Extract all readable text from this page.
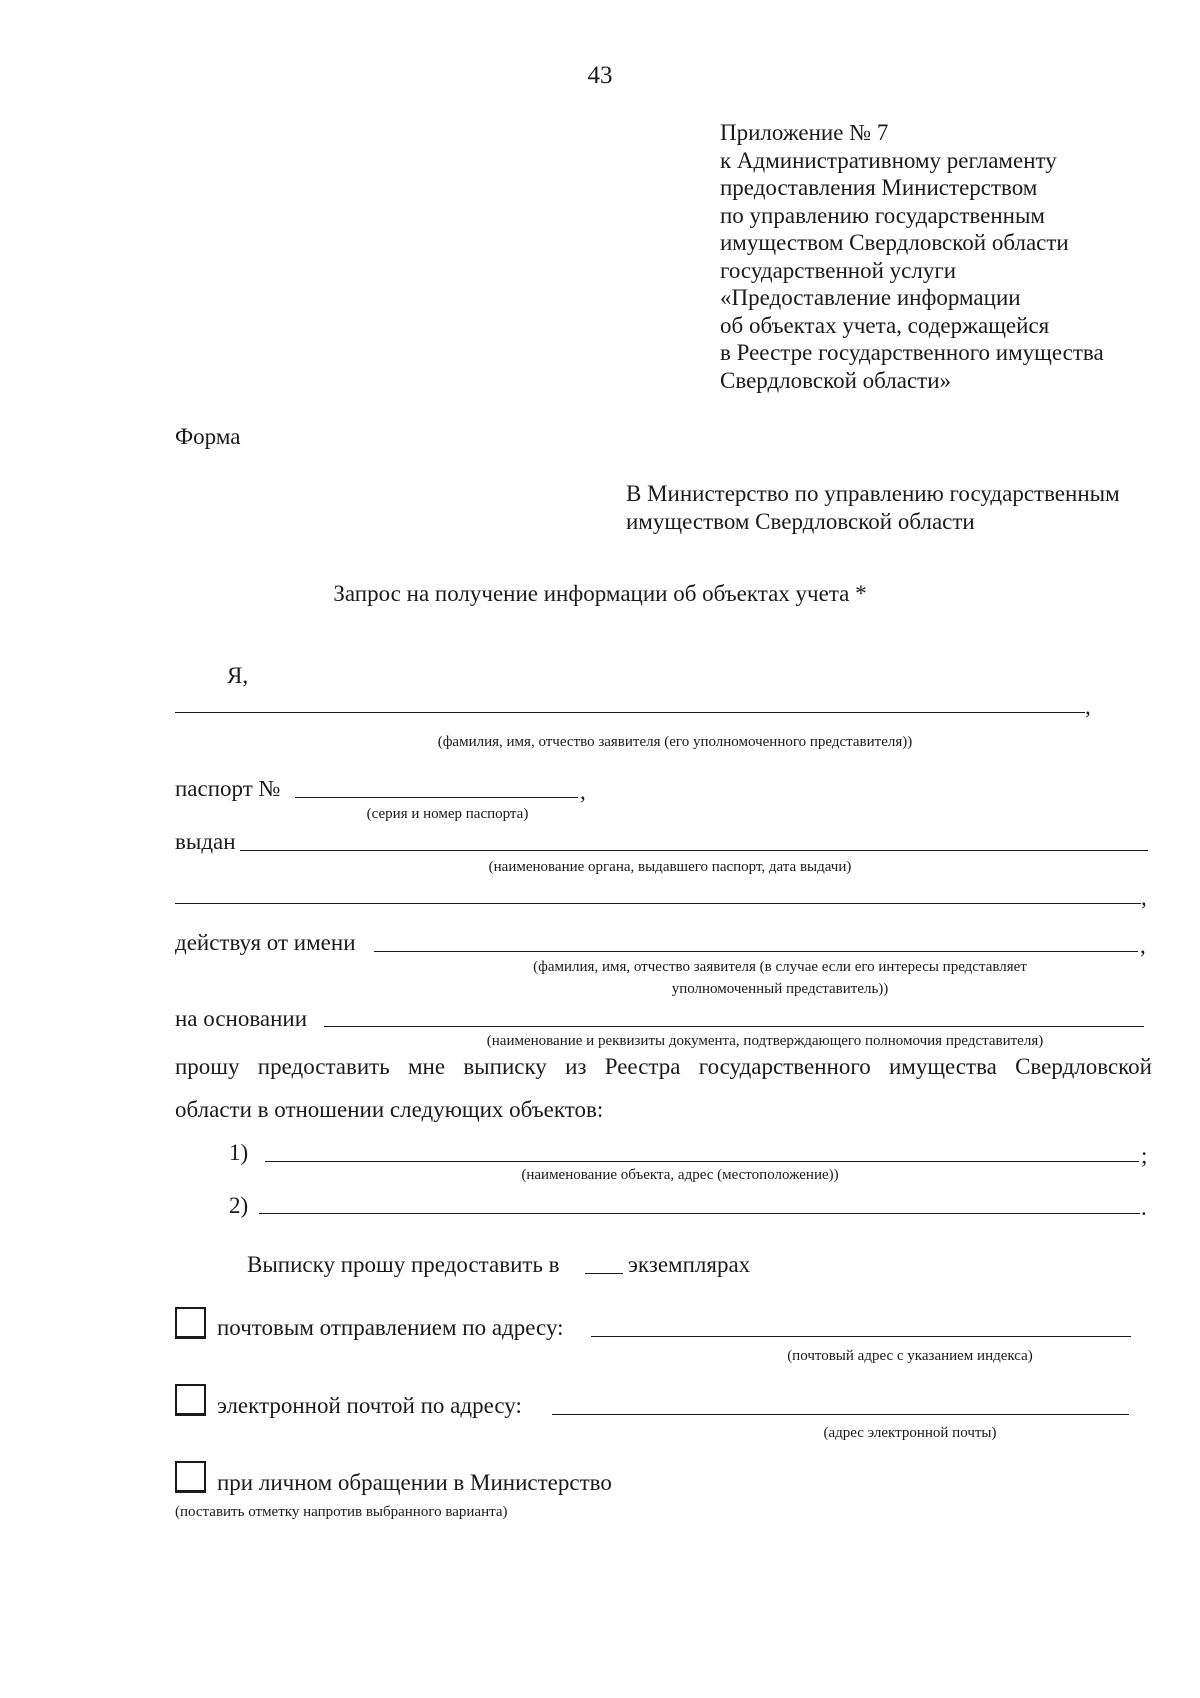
43
Приложение № 7
к Административному регламенту
предоставления Министерством
по управлению государственным
имуществом Свердловской области
государственной услуги
«Предоставление информации
об объектах учета, содержащейся
в Реестре государственного имущества
Свердловской области»
Форма
В Министерство по управлению государственным
имуществом Свердловской области
Запрос на получение информации об объектах учета *
Я,
,
(фамилия, имя, отчество заявителя (его уполномоченного представителя))
паспорт №	,
(серия и номер паспорта)
выдан
(наименование органа, выдавшего паспорт, дата выдачи)
,
действуя от имени	,
(фамилия, имя, отчество заявителя (в случае если его интересы представляет
уполномоченный представитель))
на основании
(наименование и реквизиты документа, подтверждающего полномочия представителя)
прошу предоставить мне выписку из Реестра государственного имущества Свердловской
области в отношении следующих объектов:
1)	;
(наименование объекта, адрес (местоположение))
2)	.
Выписку прошу предоставить в	экземплярах
почтовым отправлением по адресу:
(почтовый адрес с указанием индекса)
электронной почтой по адресу:
(адрес электронной почты)
при личном обращении в Министерство
(поставить отметку напротив выбранного варианта)
